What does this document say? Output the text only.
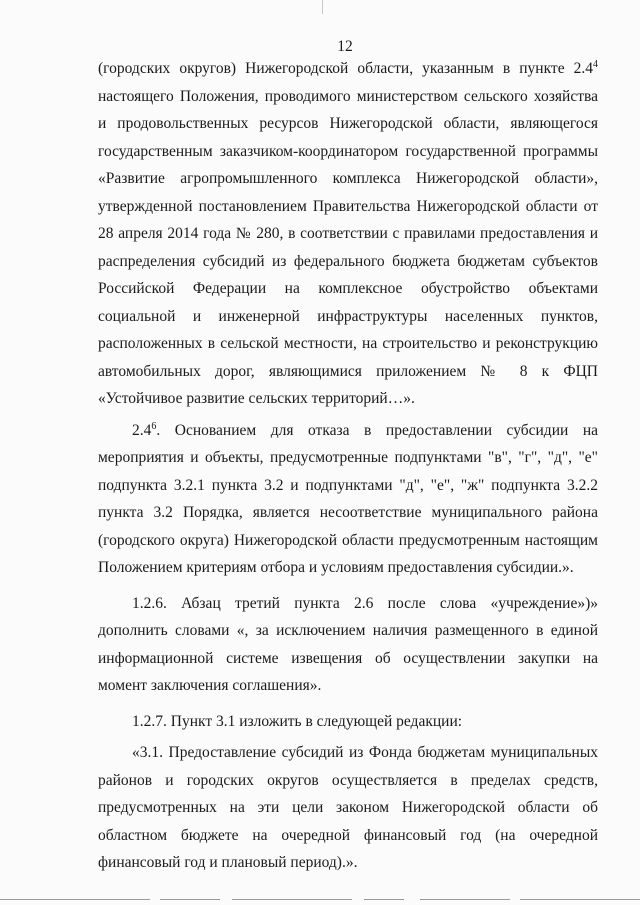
12

(городских округов) Нижегородской области, указанным в пункте $2.4^4$ настоящего Положения, проводимого министерством сельского хозяйства и продовольственных ресурсов Нижегородской области, являющегося государственным заказчиком-координатором государственной программы «Развитие агропромышленного комплекса Нижегородской области», утвержденной постановлением Правительства Нижегородской области от 28 апреля 2014 года № 280, в соответствии с правилами предоставления и распределения субсидий из федерального бюджета бюджетам субъектов Российской Федерации на комплексное обустройство объектами социальной и инженерной инфраструктуры населенных пунктов, расположенных в сельской местности, на строительство и реконструкцию автомобильных дорог, являющимися приложением № 8 к ФЦП «Устойчивое развитие сельских территорий…».

$2.4^6$. Основанием для отказа в предоставлении субсидии на мероприятия и объекты, предусмотренные подпунктами "в", "г", "д", "е" подпункта 3.2.1 пункта 3.2 и подпунктами "д", "е", "ж" подпункта 3.2.2 пункта 3.2 Порядка, является несоответствие муниципального района (городского округа) Нижегородской области предусмотренным настоящим Положением критериям отбора и условиям предоставления субсидии.».

1.2.6. Абзац третий пункта 2.6 после слова «учреждение»)» дополнить словами «, за исключением наличия размещенного в единой информационной системе извещения об осуществлении закупки на момент заключения соглашения».

1.2.7. Пункт 3.1 изложить в следующей редакции:

«3.1. Предоставление субсидий из Фонда бюджетам муниципальных районов и городских округов осуществляется в пределах средств, предусмотренных на эти цели законом Нижегородской области об областном бюджете на очередной финансовый год (на очередной финансовый год и плановый период).».
